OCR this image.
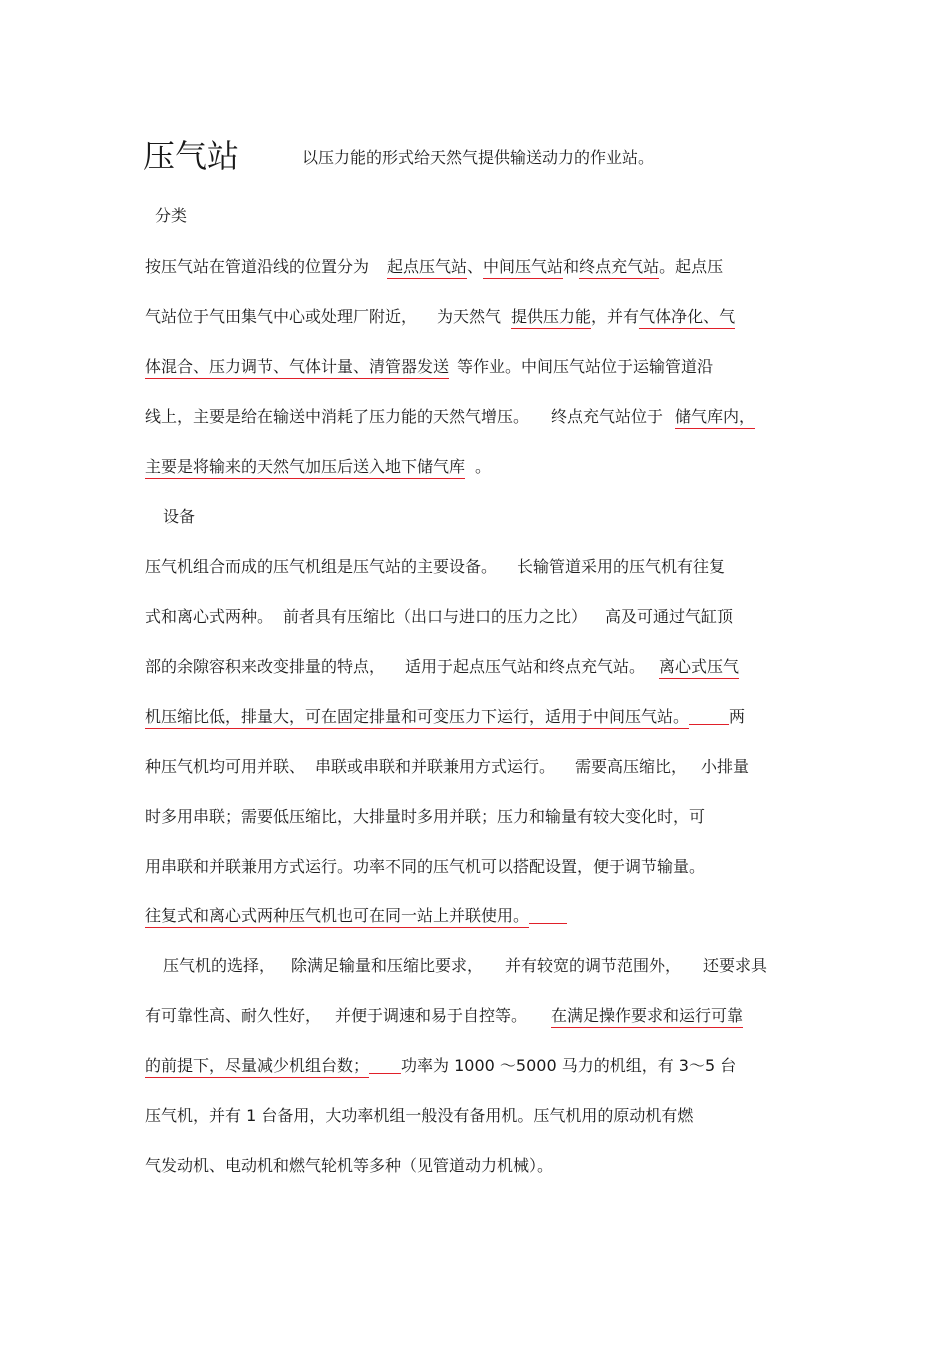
压气站	以压力能的形式给天然气提供输送动力的作业站。

分类

按压气站在管道沿线的位置分为 起点压气站、中间压气站和终点充气站。起点压

气站位于气田集气中心或处理厂附近， 为天然气 提供压力能，并有气体净化、气

体混合、压力调节、气体计量、清管器发送 等作业。中间压气站位于运输管道沿

线上，主要是给在输送中消耗了压力能的天然气增压。 终点充气站位于 储气库内，

主要是将输来的天然气加压后送入地下储气库 。

设备

压气机组合而成的压气机组是压气站的主要设备。 长输管道采用的压气机有往复

式和离心式两种。 前者具有压缩比（出口与进口的压力之比） 高及可通过气缸顶

部的余隙容积来改变排量的特点， 适用于起点压气站和终点充气站。 离心式压气

机压缩比低，排量大，可在固定排量和可变压力下运行，适用于中间压气站。	两

种压气机均可用并联、 串联或串联和并联兼用方式运行。 需要高压缩比， 小排量

时多用串联；需要低压缩比，大排量时多用并联；压力和输量有较大变化时，可

用串联和并联兼用方式运行。功率不同的压气机可以搭配设置，便于调节输量。

往复式和离心式两种压气机也可在同一站上并联使用。

压气机的选择， 除满足输量和压缩比要求， 并有较宽的调节范围外， 还要求具

有可靠性高、耐久性好， 并便于调速和易于自控等。 在满足操作要求和运行可靠

的前提下，尽量减少机组台数； 功率为 1000 ～5000 马力的机组，有 3～5 台

压气机，并有 1 台备用，大功率机组一般没有备用机。压气机用的原动机有燃

气发动机、电动机和燃气轮机等多种（见管道动力机械）。
